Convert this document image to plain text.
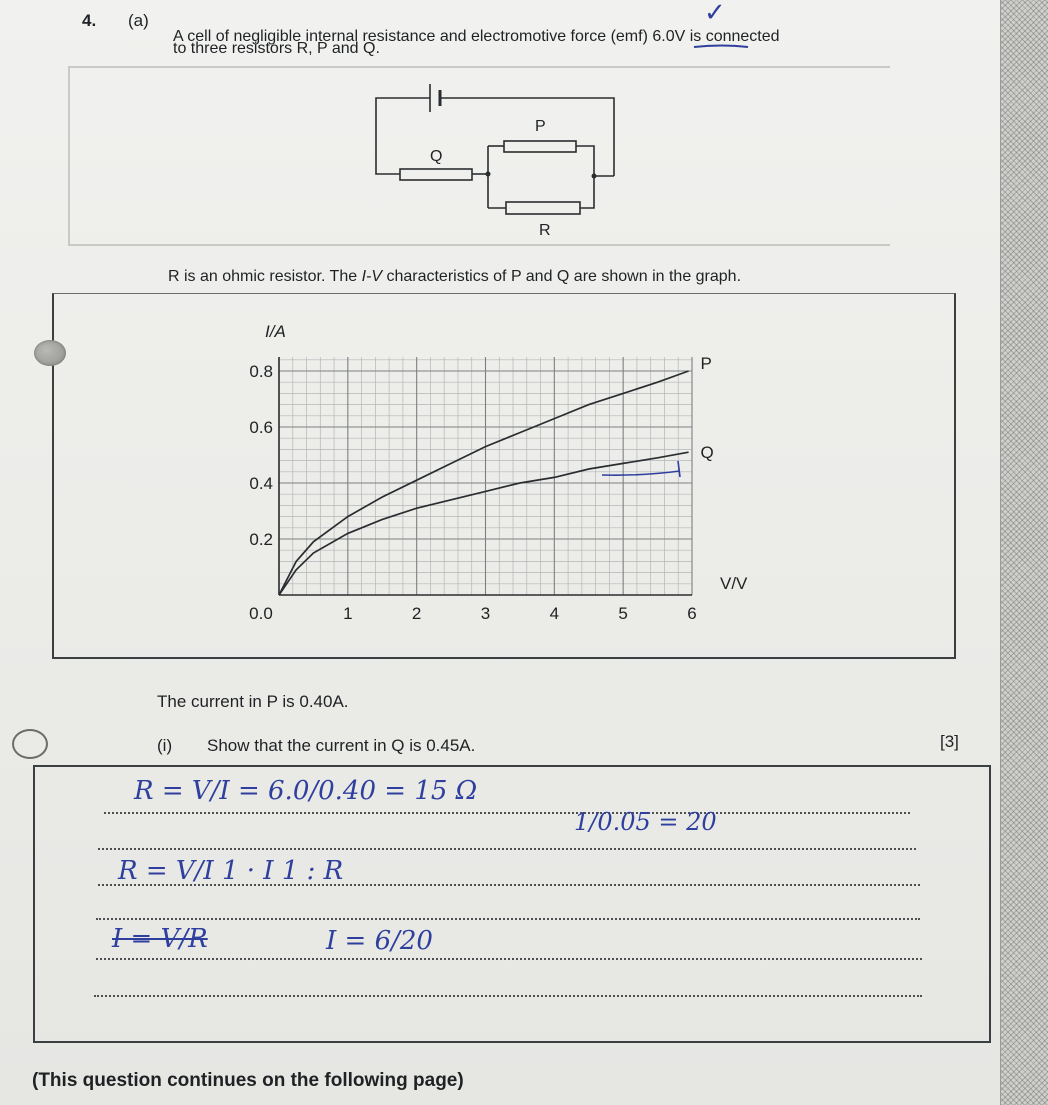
4. (a)

A cell of negligible internal resistance and electromotive force (emf) 6.0V is connected

to three resistors R, P and Q.

✓

P

Q

R

R is an ohmic resistor. The I-V characteristics of P and Q are shown in the graph.

0.0	1	2	3	4	5	6
0.2
0.4
0.6
0.8
I/A
V/V
P
Q

The current in P is 0.40A.

(i) Show that the current in Q is 0.45A.	[3]

R = V/I = 6.0/0.40 = 15 Ω
1/0.05 = 20
R = V/I 1 · I 1 : R
I = V/R	I = 6/20

(This question continues on the following page)
